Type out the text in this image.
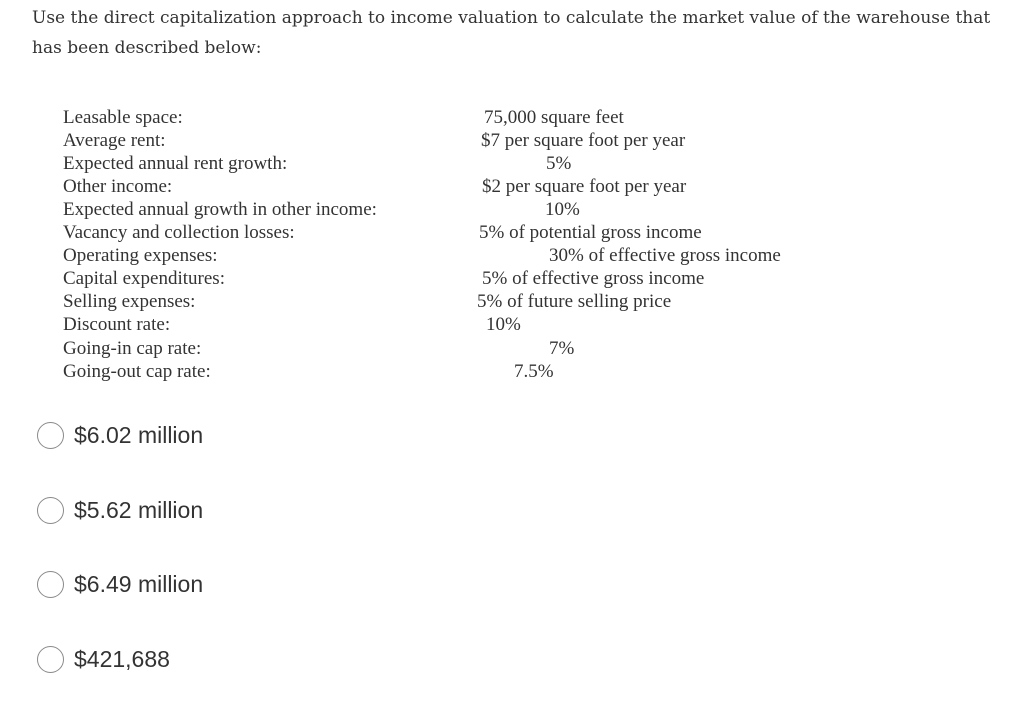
Use the direct capitalization approach to income valuation to calculate the market value of the warehouse that has been described below:
Leasable space:
Average rent:
Expected annual rent growth:
Other income:
Expected annual growth in other income:
Vacancy and collection losses:
Operating expenses:
Capital expenditures:
Selling expenses:
Discount rate:
Going-in cap rate:
Going-out cap rate:
75,000 square feet
$7 per square foot per year
5%
$2 per square foot per year
10%
5% of potential gross income
30% of effective gross income
5% of effective gross income
5% of future selling price
10%
7%
7.5%
$6.02 million
$5.62 million
$6.49 million
$421,688
